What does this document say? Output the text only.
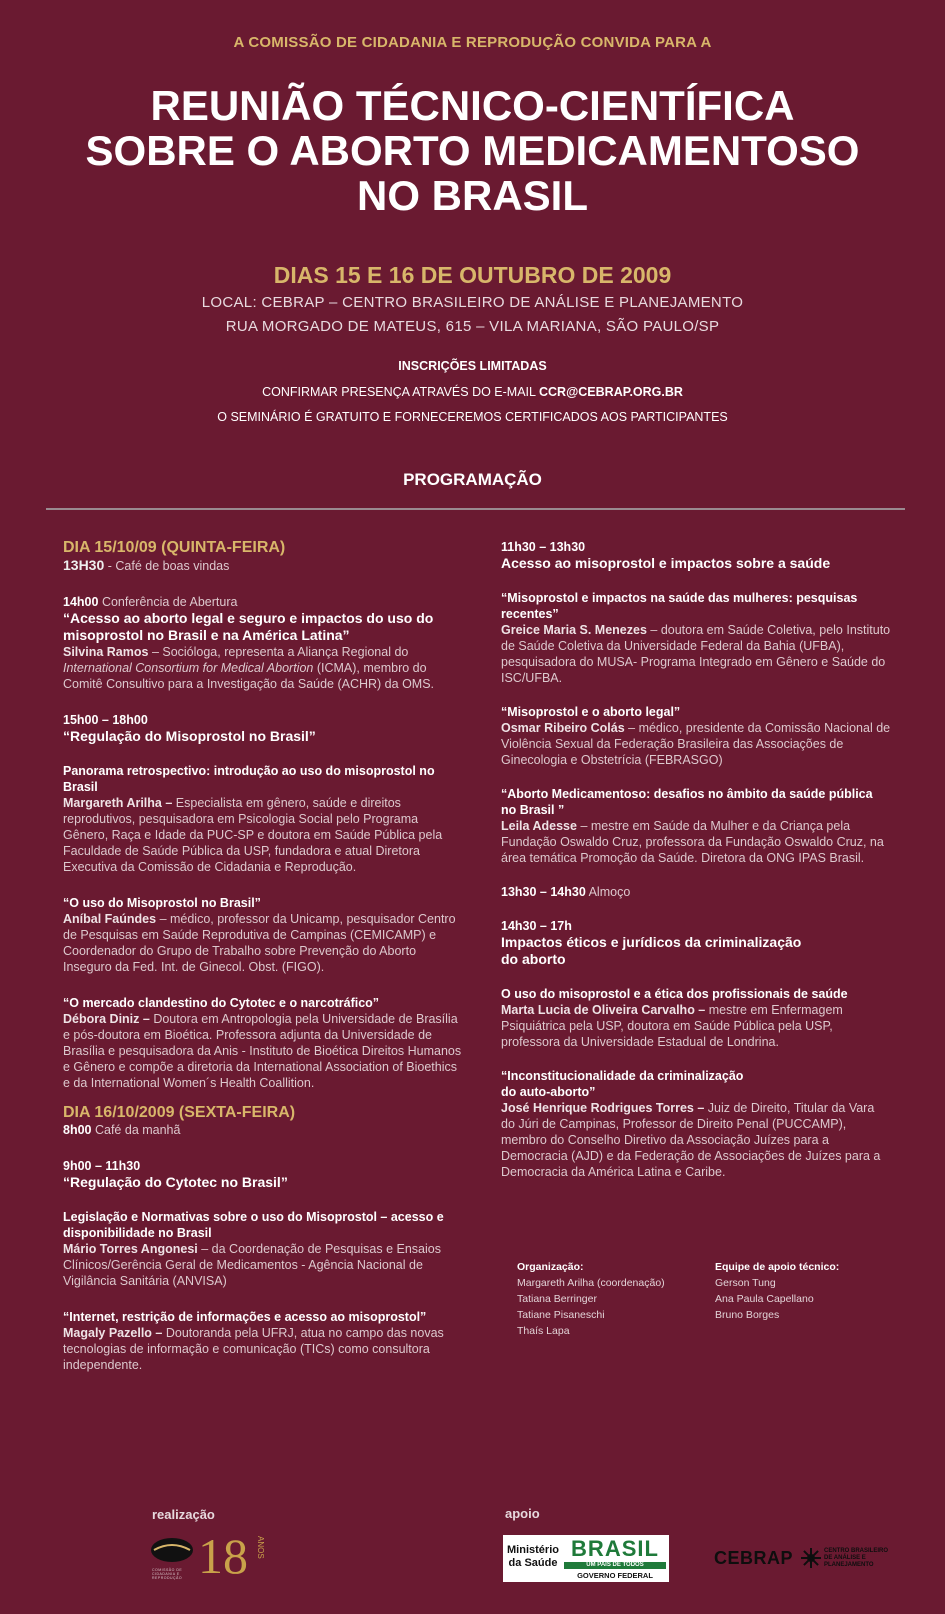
A COMISSÃO DE CIDADANIA E REPRODUÇÃO CONVIDA PARA A
REUNIÃO TÉCNICO-CIENTÍFICA
SOBRE O ABORTO MEDICAMENTOSO
NO BRASIL
DIAS 15 E 16 DE OUTUBRO DE 2009
LOCAL: CEBRAP – CENTRO BRASILEIRO DE ANÁLISE E PLANEJAMENTO
RUA MORGADO DE MATEUS, 615 – VILA MARIANA, SÃO PAULO/SP
INSCRIÇÕES LIMITADAS
CONFIRMAR PRESENÇA ATRAVÉS DO E-MAIL CCR@CEBRAP.ORG.BR
O SEMINÁRIO É GRATUITO E FORNECEREMOS CERTIFICADOS AOS PARTICIPANTES
PROGRAMAÇÃO
DIA 15/10/09 (QUINTA-FEIRA)
13H30 - Café de boas vindas
14h00 Conferência de Abertura
“Acesso ao aborto legal e seguro e impactos do uso do misoprostol no Brasil e na América Latina”
Silvina Ramos – Socióloga, representa a Aliança Regional do International Consortium for Medical Abortion (ICMA), membro do Comitê Consultivo para a Investigação da Saúde (ACHR) da OMS.
15h00 – 18h00
“Regulação do Misoprostol no Brasil”
Panorama retrospectivo: introdução ao uso do misoprostol no Brasil
Margareth Arilha – Especialista em gênero, saúde e direitos reprodutivos, pesquisadora em Psicologia Social pelo Programa Gênero, Raça e Idade da PUC-SP e doutora em Saúde Pública pela Faculdade de Saúde Pública da USP, fundadora e atual Diretora Executiva da Comissão de Cidadania e Reprodução.
“O uso do Misoprostol no Brasil”
Aníbal Faúndes – médico, professor da Unicamp, pesquisador Centro de Pesquisas em Saúde Reprodutiva de Campinas (CEMICAMP) e Coordenador do Grupo de Trabalho sobre Prevenção do Aborto Inseguro da Fed. Int. de Ginecol. Obst. (FIGO).
“O mercado clandestino do Cytotec e o narcotráfico”
Débora Diniz – Doutora em Antropologia pela Universidade de Brasília e pós-doutora em Bioética. Professora adjunta da Universidade de Brasília e pesquisadora da Anis - Instituto de Bioética Direitos Humanos e Gênero e compõe a diretoria da International Association of Bioethics e da International Women´s Health Coallition.
DIA 16/10/2009 (SEXTA-FEIRA)
8h00 Café da manhã
9h00 – 11h30
“Regulação do Cytotec no Brasil”
Legislação e Normativas sobre o uso do Misoprostol – acesso e disponibilidade no Brasil
Mário Torres Angonesi – da Coordenação de Pesquisas e Ensaios Clínicos/Gerência Geral de Medicamentos - Agência Nacional de Vigilância Sanitária (ANVISA)
“Internet, restrição de informações e acesso ao misoprostol”
Magaly Pazello – Doutoranda pela UFRJ, atua no campo das novas tecnologias de informação e comunicação (TICs) como consultora independente.
11h30 – 13h30
Acesso ao misoprostol e impactos sobre a saúde
“Misoprostol e impactos na saúde das mulheres: pesquisas recentes”
Greice Maria S. Menezes – doutora em Saúde Coletiva, pelo Instituto de Saúde Coletiva da Universidade Federal da Bahia (UFBA), pesquisadora do MUSA- Programa Integrado em Gênero e Saúde do ISC/UFBA.
“Misoprostol e o aborto legal”
Osmar Ribeiro Colás – médico, presidente da Comissão Nacional de Violência Sexual da Federação Brasileira das Associações de Ginecologia e Obstetrícia (FEBRASGO)
“Aborto Medicamentoso: desafios no âmbito da saúde pública no Brasil ”
Leila Adesse – mestre em Saúde da Mulher e da Criança pela Fundação Oswaldo Cruz, professora da Fundação Oswaldo Cruz, na área temática Promoção da Saúde. Diretora da ONG IPAS Brasil.
13h30 – 14h30 Almoço
14h30 – 17h
Impactos éticos e jurídicos da criminalização
do aborto
O uso do misoprostol e a ética dos profissionais de saúde
Marta Lucia de Oliveira Carvalho – mestre em Enfermagem Psiquiátrica pela USP, doutora em Saúde Pública pela USP, professora da Universidade Estadual de Londrina.
“Inconstitucionalidade da criminalização
do auto-aborto”
José Henrique Rodrigues Torres – Juiz de Direito, Titular da Vara do Júri de Campinas, Professor de Direito Penal (PUCCAMP), membro do Conselho Diretivo da Associação Juízes para a Democracia (AJD) e da Federação de Associações de Juízes para a Democracia da América Latina e Caribe.
Organização:
Margareth Arilha (coordenação)
Tatiana Berringer
Tatiane Pisaneschi
Thaís Lapa
Equipe de apoio técnico:
Gerson Tung
Ana Paula Capellano
Bruno Borges
realização	apoio
COMISSÃO DE
CIDADANIA E
REPRODUÇÃO 18 ANOS	Ministério
da Saúde
BRASIL
UM PAÍS DE TODOS
GOVERNO FEDERAL
CEBRAP	CENTRO BRASILEIRO
DE ANÁLISE E
PLANEJAMENTO
